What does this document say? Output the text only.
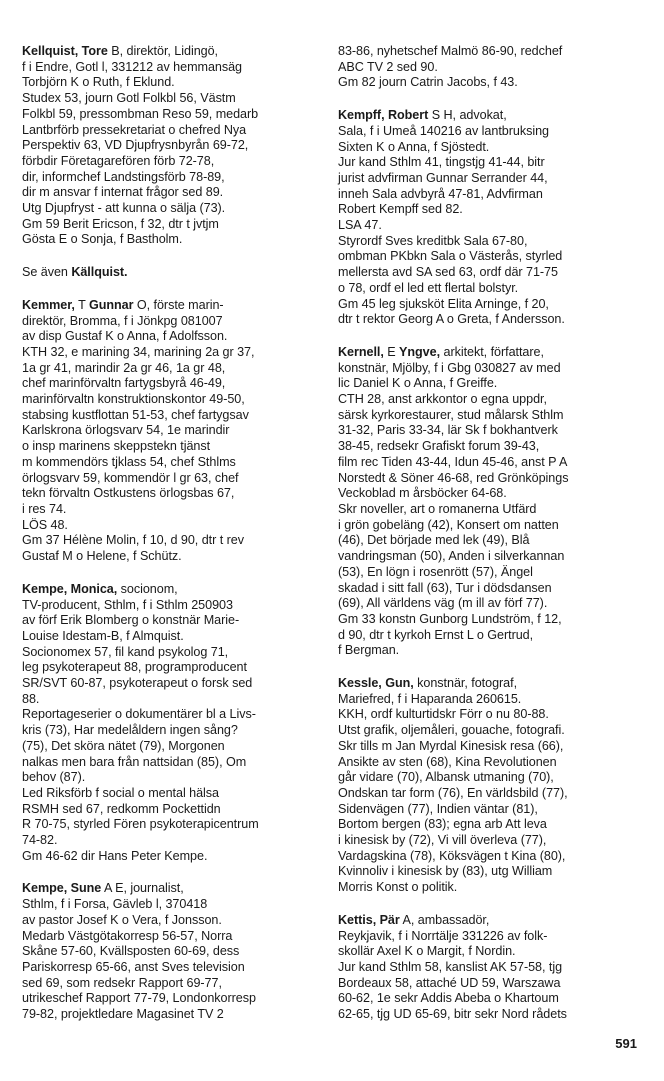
Kellquist, Tore B, direktör, Lidingö,

f i Endre, Gotl l, 331212 av hemmansäg

Torbjörn K o Ruth, f Eklund.

Studex 53, journ Gotl Folkbl 56, Västm

Folkbl 59, pressombman Reso 59, medarb

Lantbrförb pressekretariat o chefred Nya

Perspektiv 63, VD Djupfrysnbyrån 69-72,

förbdir Företagarefören förb 72-78,

dir, informchef Landstingsförb 78-89,

dir m ansvar f internat frågor sed 89.

Utg Djupfryst - att kunna o sälja (73).

Gm 59 Berit Ericson, f 32, dtr t jvtjm

Gösta E o Sonja, f Bastholm.

Se även Källquist.

Kemmer, T Gunnar O, förste marin-

direktör, Bromma, f i Jönkpg 081007

av disp Gustaf K o Anna, f Adolfsson.

KTH 32, e marining 34, marining 2a gr 37,

1a gr 41, marindir 2a gr 46, 1a gr 48,

chef marinförvaltn fartygsbyrå 46-49,

marinförvaltn konstruktionskontor 49-50,

stabsing kustflottan 51-53, chef fartygsav

Karlskrona örlogsvarv 54, 1e marindir

o insp marinens skeppstekn tjänst

m kommendörs tjklass 54, chef Sthlms

örlogsvarv 59, kommendör l gr 63, chef

tekn förvaltn Ostkustens örlogsbas 67,

i res 74.

LÖS 48.

Gm 37 Hélène Molin, f 10, d 90, dtr t rev

Gustaf M o Helene, f Schütz.

Kempe, Monica, socionom,

TV-producent, Sthlm, f i Sthlm 250903

av förf Erik Blomberg o konstnär Marie-

Louise Idestam-B, f Almquist.

Socionomex 57, fil kand psykolog 71,

leg psykoterapeut 88, programproducent

SR/SVT 60-87, psykoterapeut o forsk sed

88.

Reportageserier o dokumentärer bl a Livs-

kris (73), Har medelåldern ingen sång?

(75), Det sköra nätet (79), Morgonen

nalkas men bara från nattsidan (85), Om

behov (87).

Led Riksförb f social o mental hälsa

RSMH sed 67, redkomm Pockettidn

R 70-75, styrled Fören psykoterapicentrum

74-82.

Gm 46-62 dir Hans Peter Kempe.

Kempe, Sune A E, journalist,

Sthlm, f i Forsa, Gävleb l, 370418

av pastor Josef K o Vera, f Jonsson.

Medarb Västgötakorresp 56-57, Norra

Skåne 57-60, Kvällsposten 60-69, dess

Pariskorresp 65-66, anst Sves television

sed 69, som redsekr Rapport 69-77,

utrikeschef Rapport 77-79, Londonkorresp

79-82, projektledare Magasinet TV 2

83-86, nyhetschef Malmö 86-90, redchef

ABC TV 2 sed 90.

Gm 82 journ Catrin Jacobs, f 43.

Kempff, Robert S H, advokat,

Sala, f i Umeå 140216 av lantbruksing

Sixten K o Anna, f Sjöstedt.

Jur kand Sthlm 41, tingstjg 41-44, bitr

jurist advfirman Gunnar Serrander 44,

inneh Sala advbyrå 47-81, Advfirman

Robert Kempff sed 82.

LSA 47.

Styrordf Sves kreditbk Sala 67-80,

ombman PKbkn Sala o Västerås, styrled

mellersta avd SA sed 63, ordf där 71-75

o 78, ordf el led ett flertal bolstyr.

Gm 45 leg sjuksköt Elita Arninge, f 20,

dtr t rektor Georg A o Greta, f Andersson.

Kernell, E Yngve, arkitekt, författare,

konstnär, Mjölby, f i Gbg 030827 av med

lic Daniel K o Anna, f Greiffe.

CTH 28, anst arkkontor o egna uppdr,

särsk kyrkorestaurer, stud målarsk Sthlm

31-32, Paris 33-34, lär Sk f bokhantverk

38-45, redsekr Grafiskt forum 39-43,

film rec Tiden 43-44, Idun 45-46, anst P A

Norstedt & Söner 46-68, red Grönköpings

Veckoblad m årsböcker 64-68.

Skr noveller, art o romanerna Utfärd

i grön gobeläng (42), Konsert om natten

(46), Det började med lek (49), Blå

vandringsman (50), Anden i silverkannan

(53), En lögn i rosenrött (57), Ängel

skadad i sitt fall (63), Tur i dödsdansen

(69), All världens väg (m ill av förf 77).

Gm 33 konstn Gunborg Lundström, f 12,

d 90, dtr t kyrkoh Ernst L o Gertrud,

f Bergman.

Kessle, Gun, konstnär, fotograf,

Mariefred, f i Haparanda 260615.

KKH, ordf kulturtidskr Förr o nu 80-88.

Utst grafik, oljemåleri, gouache, fotografi.

Skr tills m Jan Myrdal Kinesisk resa (66),

Ansikte av sten (68), Kina Revolutionen

går vidare (70), Albansk utmaning (70),

Ondskan tar form (76), En världsbild (77),

Sidenvägen (77), Indien väntar (81),

Bortom bergen (83); egna arb Att leva

i kinesisk by (72), Vi vill överleva (77),

Vardagskina (78), Köksvägen t Kina (80),

Kvinnoliv i kinesisk by (83), utg William

Morris Konst o politik.

Kettis, Pär A, ambassadör,

Reykjavik, f i Norrtälje 331226 av folk-

skollär Axel K o Margit, f Nordin.

Jur kand Sthlm 58, kanslist AK 57-58, tjg

Bordeaux 58, attaché UD 59, Warszawa

60-62, 1e sekr Addis Abeba o Khartoum

62-65, tjg UD 65-69, bitr sekr Nord rådets

591
